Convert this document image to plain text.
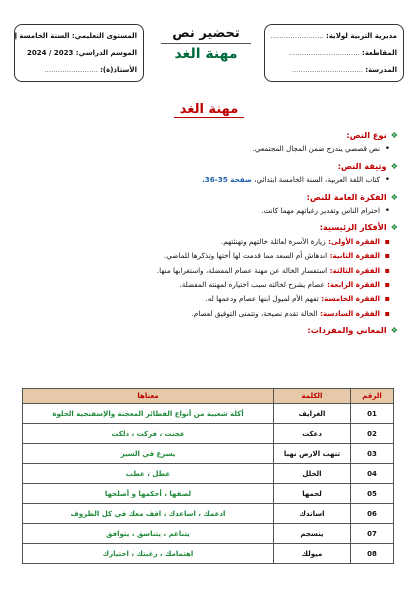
مديرية التربية لولاية: ........................
المقاطعة: ................................
المدرسة: ................................
تحضير نص
مهنة الغد
المستوى التعليمي: السنة الخامسة إ
الموسم الدراسي: 2023 / 2024
الأستاذ(ة): ........................
مهنة الغد
❖نوع النص:
• نص قصصي يندرج ضمن المجال المجتمعي.
❖وثيقة النص:
• كتاب اللغة العربية، السنة الخامسة ابتدائي، صفحة 35-36.
❖الفكرة العامة للنص:
• احترام الناس وتقدير رغباتهم مهما كانت.
❖الأفكار الرئيسية:
▪ الفقرة الأولى: زيارة الأسرة لعائلة خالتهم وتهنئتهم.
▪ الفقرة الثانية: اندهاش أم السعد مما قدمت لها أختها وتذكرها للماضي.
▪ الفقرة الثالثة: استفسار الخالة عن مهنة عصام المفضلة، واستغرابها منها.
▪ الفقرة الرابعة: عصام يشرح لخالته سبب اختياره لمهنته المفضلة.
▪ الفقرة الخامسة: تفهم الأم لميول ابنها عصام ودعمها له.
▪ الفقرة السادسة: الخالة تقدم نصيحة، وتتمنى التوفيق لعصام.
❖المعاني والمفردات:
الرقم	الكلمة	معناها
01	الغرايف	أكلة شعبية من أنواع الفطائر المعجنة والإسفنجية الحلوة
02	دعكت	عجنت ، فركت ، دلكت
03	تنهب الارض نهبا	يسرع في السير
04	الخلل	عطل ، عطب
05	لحمها	لصقها ، أحكمها و أصلحها
06	اساندك	ادعمك ، اساعدك ، اقف معك في كل الظروف
07	ينسجم	يتناغم ، يتناسق ، يتوافق
08	ميولك	اهتمامك ، رغبتك ، اختيارك
